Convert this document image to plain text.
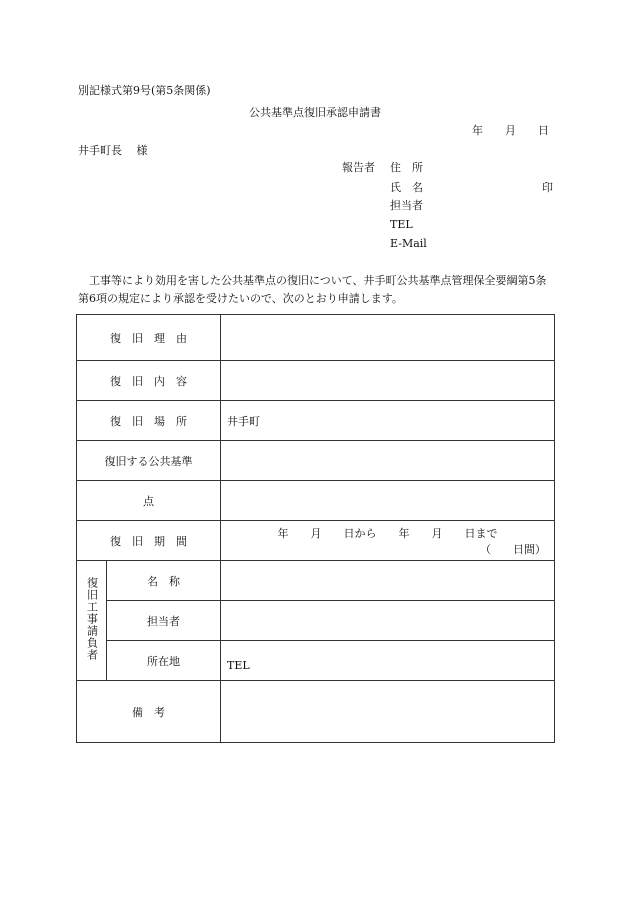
別記様式第9号(第5条関係)
公共基準点復旧承認申請書
年　　月　　日
井手町長　 様
報告者 住　所
氏　名	印
担当者
TEL
E-Mail
　工事等により効用を害した公共基準点の復旧について、井手町公共基準点管理保全要綱第5条第6項の規定により承認を受けたいので、次のとおり申請します。
復　旧　理　由		
復　旧　内　容		
復　旧　場　所		井手町
復旧する公共基準		
点		
復　旧　期　間		年　　月　　日から　　年　　月　　日まで
（　　日間）

復旧工事請負者	名　称	
	担当者	
	所在地	TEL
備　考		
